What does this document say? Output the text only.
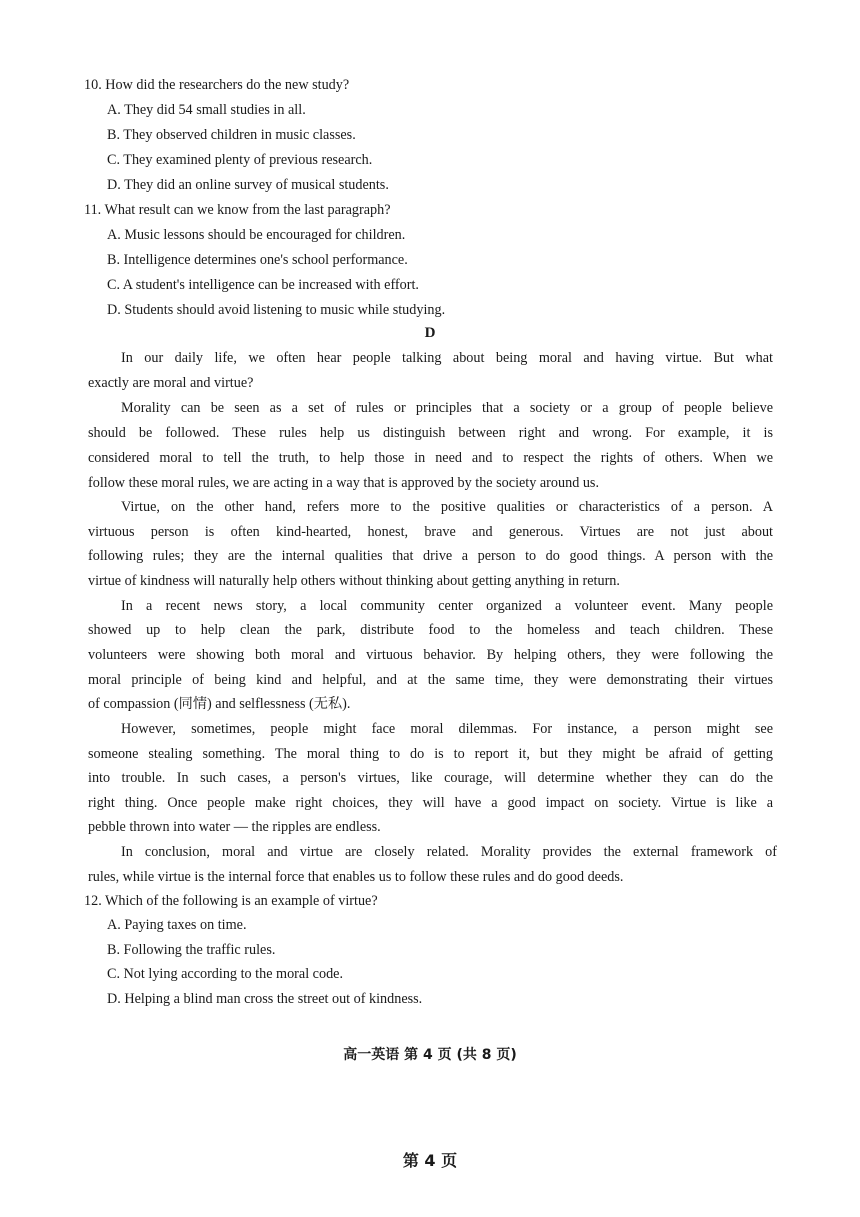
10. How did the researchers do the new study?
A. They did 54 small studies in all.
B. They observed children in music classes.
C. They examined plenty of previous research.
D. They did an online survey of musical students.
11. What result can we know from the last paragraph?
A. Music lessons should be encouraged for children.
B. Intelligence determines one's school performance.
C. A student's intelligence can be increased with effort.
D. Students should avoid listening to music while studying.
D
In our daily life, we often hear people talking about being moral and having virtue. But what
exactly are moral and virtue?
Morality can be seen as a set of rules or principles that a society or a group of people believe
should be followed. These rules help us distinguish between right and wrong. For example, it is
considered moral to tell the truth, to help those in need and to respect the rights of others. When we
follow these moral rules, we are acting in a way that is approved by the society around us.
Virtue, on the other hand, refers more to the positive qualities or characteristics of a person. A
virtuous person is often kind-hearted, honest, brave and generous. Virtues are not just about
following rules; they are the internal qualities that drive a person to do good things. A person with the
virtue of kindness will naturally help others without thinking about getting anything in return.
In a recent news story, a local community center organized a volunteer event. Many people
showed up to help clean the park, distribute food to the homeless and teach children. These
volunteers were showing both moral and virtuous behavior. By helping others, they were following the
moral principle of being kind and helpful, and at the same time, they were demonstrating their virtues
of compassion (同情) and selflessness (无私).
However, sometimes, people might face moral dilemmas. For instance, a person might see
someone stealing something. The moral thing to do is to report it, but they might be afraid of getting
into trouble. In such cases, a person's virtues, like courage, will determine whether they can do the
right thing. Once people make right choices, they will have a good impact on society. Virtue is like a
pebble thrown into water — the ripples are endless.
In conclusion, moral and virtue are closely related. Morality provides the external framework of
rules, while virtue is the internal force that enables us to follow these rules and do good deeds.
12. Which of the following is an example of virtue?
A. Paying taxes on time.
B. Following the traffic rules.
C. Not lying according to the moral code.
D. Helping a blind man cross the street out of kindness.
高一英语 第 4 页 (共 8 页)
第 4 页
